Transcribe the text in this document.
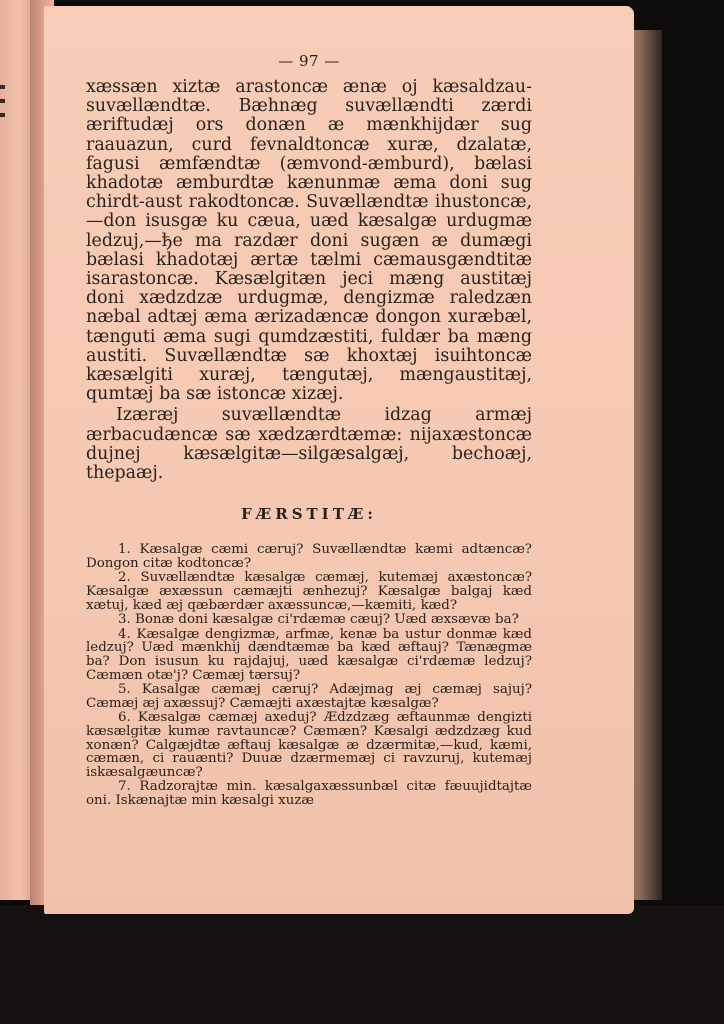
— 97 —

xæssæn xiztæ arastoncæ ænæ oj kæsaldzau-suvællændtæ. Bæhnæg suvællændti zærdi æriftudæj ors donæn æ mænkhijdær sug raauazun, curd fevnaldtoncæ xuræ, dzalatæ, fagusi æmfændtæ (æmvond-æmburd), bælasi khadotæ æmburdtæ kænunmæ æma doni sug chirdt-aust rakodtoncæ. Suvællændtæ ihustoncæ, —don isusgæ ku cæua, uæd kæsalgæ urdugmæ ledzuj,—ђe ma razdær doni sugæn æ dumægi bælasi khadotæj ærtæ tælmi cæmausgændtitæ isarastoncæ. Kæsælgitæn jeci mæng austitæj doni xædzdzæ urdugmæ, dengizmæ raledzæn næbal adtæj æma ærizadæncæ dongon xuræbæl, tænguti æma sugi qumdzæstiti, fuldær ba mæng austiti. Suvællændtæ sæ khoxtæj isuihtoncæ kæsælgiti xuræj, tængutæj, mængaustitæj, qumtæj ba sæ istoncæ xizæj.

Izæræj suvællændtæ idzag armæj ærbacudæncæ sæ xædzærdtæmæ: nijaxæstoncæ dujnej kæsælgitæ—silgæsalgæj, bechoæj, thepaæj.

FÆRSTITÆ:

1. Kæsalgæ cæmi cæruj? Suvællændtæ kæmi adtæncæ? Dongon citæ kodtoncæ?

2. Suvællændtæ kæsalgæ cæmæj, kutemæj axæstoncæ? Kæsalgæ æxæssun cæmæjti ænhezuj? Kæsalgæ balgaj kæd xætuj, kæd æj qæbærdær axæssuncæ,—kæmiti, kæd?

3. Bonæ doni kæsalgæ ci'rdæmæ cæuj? Uæd æxsævæ ba?

4. Kæsalgæ dengizmæ, arfmæ, kenæ ba ustur donmæ kæd ledzuj? Uæd mænkhij dændtæmæ ba kæd æftauj? Tænægmæ ba? Don isusun ku rajdajuj, uæd kæsalgæ ci'rdæmæ ledzuj? Cæmæn otæ'j? Cæmæj tærsuj?

5. Kasalgæ cæmæj cæruj? Adæjmag æj cæmæj sajuj? Cæmæj æj axæssuj? Cæmæjti axæstajtæ kæsalgæ?

6. Kæsalgæ cæmæj axeduj? Ædzdzæg æftaunmæ dengizti kæsælgitæ kumæ ravtauncæ? Cæmæn? Kæsalgi ædzdzæg kud xonæn? Calgæjdtæ æftauj kæsalgæ æ dzærmitæ,—kud, kæmi, cæmæn, ci rauænti? Duuæ dzærmemæj ci ravzuruj, kutemæj iskæsalgæuncæ?

7. Radzorajtæ min. kæsalgaxæssunbæl citæ fæuujidtajtæ oni. Iskænajtæ min kæsalgi xuzæ
